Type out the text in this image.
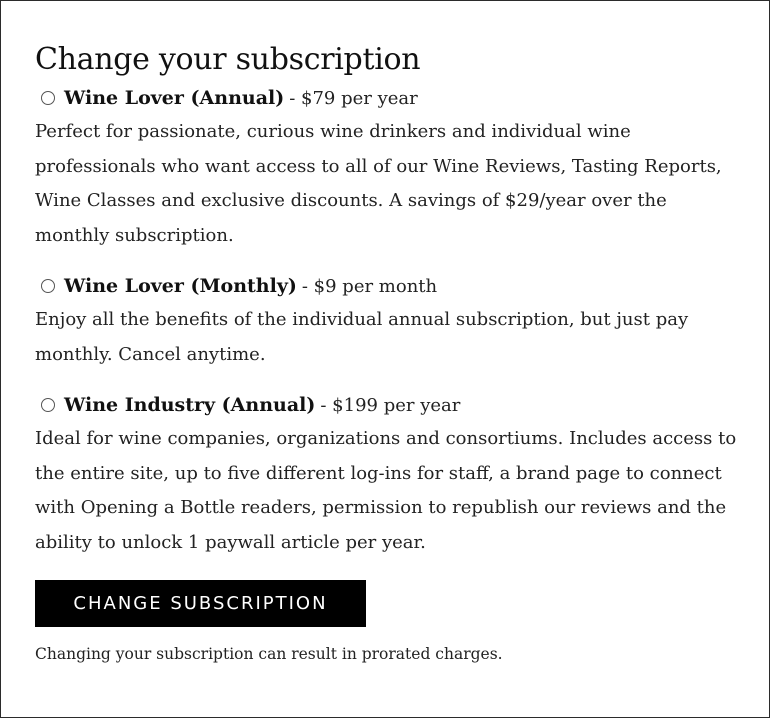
Change your subscription
Wine Lover (Annual) - $79 per year

Perfect for passionate, curious wine drinkers and individual wine professionals who want access to all of our Wine Reviews, Tasting Reports, Wine Classes and exclusive discounts. A savings of $29/year over the monthly subscription.

Wine Lover (Monthly) - $9 per month

Enjoy all the benefits of the individual annual subscription, but just pay monthly. Cancel anytime.

Wine Industry (Annual) - $199 per year

Ideal for wine companies, organizations and consortiums. Includes access to the entire site, up to five different log-ins for staff, a brand page to connect with Opening a Bottle readers, permission to republish our reviews and the ability to unlock 1 paywall article per year.

CHANGE SUBSCRIPTION
Changing your subscription can result in prorated charges.
